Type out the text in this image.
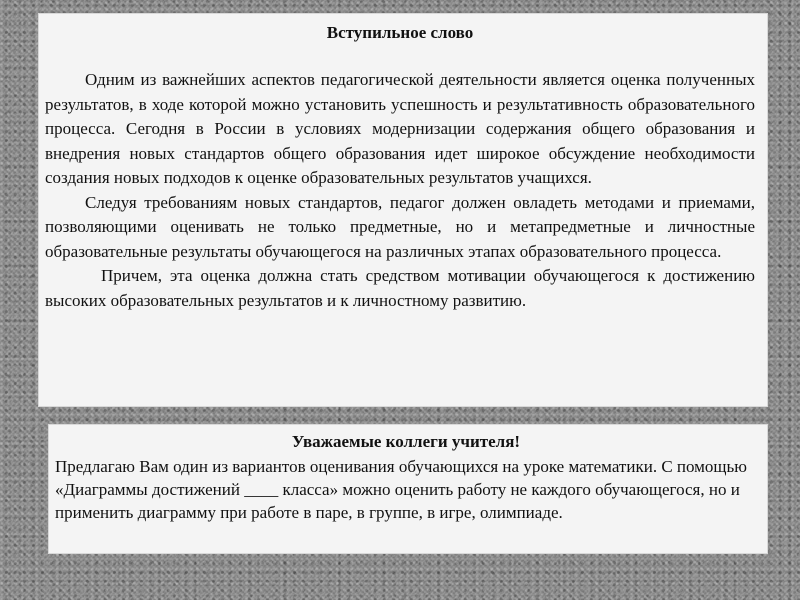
Вступильное слово

Одним из важнейших аспектов педагогической деятельности является оценка полученных результатов, в ходе которой можно установить успешность и результативность образовательного процесса. Сегодня в России в условиях модернизации содержания общего образования и внедрения новых стандартов общего образования идет широкое обсуждение необходимости создания новых подходов к оценке образовательных результатов учащихся.

Следуя требованиям новых стандартов, педагог должен овладеть методами и приемами, позволяющими оценивать не только предметные, но и метапредметные и личностные образовательные результаты обучающегося на различных этапах образовательного процесса.

Причем, эта оценка должна стать средством мотивации обучающегося к достижению высоких образовательных результатов и к личностному развитию.

Уважаемые коллеги учителя!

Предлагаю Вам один из вариантов оценивания обучающихся на уроке математики. С помощью «Диаграммы достижений ____ класса» можно оценить работу не каждого обучающегося, но и применить диаграмму при работе в паре, в группе, в игре, олимпиаде.
